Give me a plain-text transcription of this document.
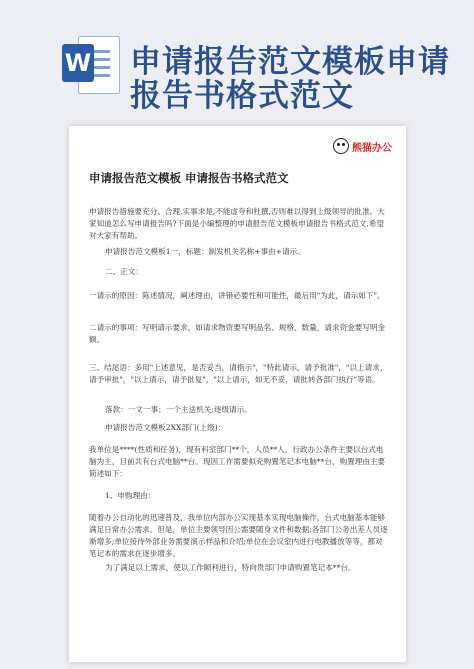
W 申请报告范文模板申请
报告书格式范文
熊猫办公
申请报告范文模板 申请报告书格式范文
申请报告措施要充分、合理,实事求是,不能虚夸和杜撰,否则难以得到上级领导的批准。大家知道怎么写申请报告吗?下面是小编整理的申请报告范文模板申请报告书格式范文,希望对大家有帮助。
申请报告范文模板1一，标题：制发机关名称+事由+请示。
二、正文：
一请示的原因：陈述情况，阐述理由，讲错必要性和可能性，最后用"为此，请示如下"。
二请示的事项：写明请示要求，如请求物资要写明品名、规格、数量，请求资金要写明金额。
三、结尾语：多用"上述意见，是否妥当，请指示"，"特此请示，请予批准"，"以上请求，请予审批"，"以上请示，请予批复"，"以上请示，如无不妥，请批转各部门执行"等语。
落款：一文一事；一个主送机关;逐级请示。
申请报告范文模板2XX部门(上级)：
我单位是****(性质和任务)，现有科室部门**个，人员**人，行政办公条件主要以台式电脑为主，目前共有台式电脑**台。现因工作需要拟充购置笔记本电脑**台，购置理由主要简述如下：
1、申购理由：
随着办公自动化的迅速普及，我单位内部办公实现基本实现电脑操作，台式电脑基本能够满足日常办公需求。但是，单位主要领导因公需要随身文件和数据;各部门公务出差人员逐渐增多;单位接待外部业务需要演示样品和介绍;单位在会议室内进行电教播放等等，都对笔记本的需求在逐步增多。
为了满足以上需求，使以工作顺利进行，特向贵部门申请购置笔记本**台。
